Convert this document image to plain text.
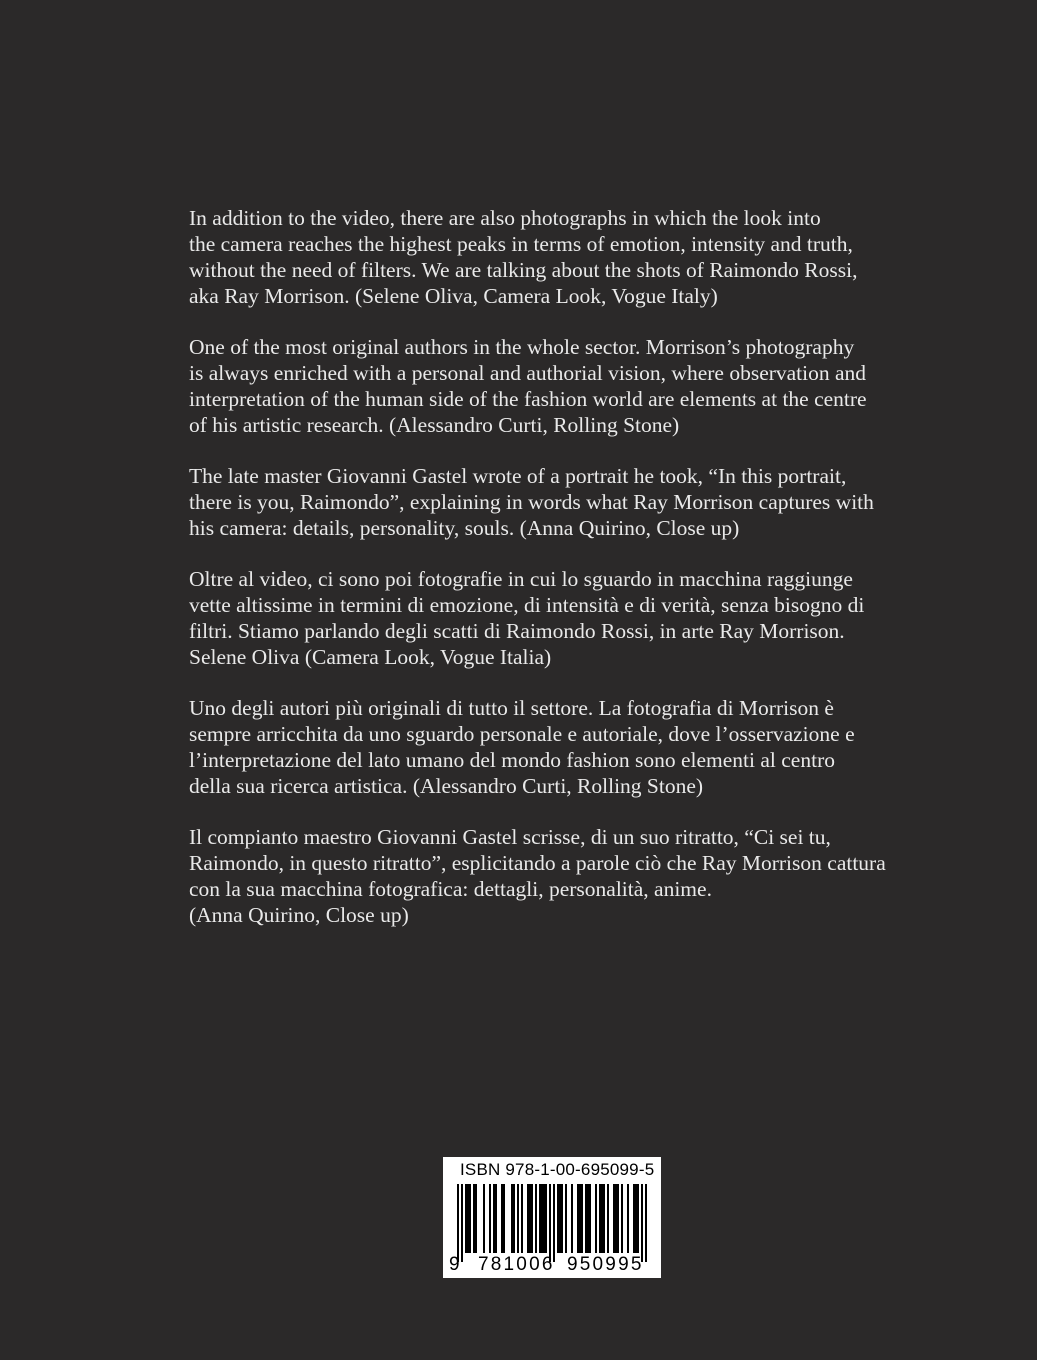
In addition to the video, there are also photographs in which the look into
the camera reaches the highest peaks in terms of emotion, intensity and truth,
without the need of filters. We are talking about the shots of Raimondo Rossi,
aka Ray Morrison. (Selene Oliva, Camera Look, Vogue Italy)

One of the most original authors in the whole sector. Morrison’s photography
is always enriched with a personal and authorial vision, where observation and
interpretation of the human side of the fashion world are elements at the centre
of his artistic research. (Alessandro Curti, Rolling Stone)

The late master Giovanni Gastel wrote of a portrait he took, “In this portrait,
there is you, Raimondo”, explaining in words what Ray Morrison captures with
his camera: details, personality, souls. (Anna Quirino, Close up)

Oltre al video, ci sono poi fotografie in cui lo sguardo in macchina raggiunge
vette altissime in termini di emozione, di intensità e di verità, senza bisogno di
filtri. Stiamo parlando degli scatti di Raimondo Rossi, in arte Ray Morrison.
Selene Oliva (Camera Look, Vogue Italia)

Uno degli autori più originali di tutto il settore. La fotografia di Morrison è
sempre arricchita da uno sguardo personale e autoriale, dove l’osservazione e
l’interpretazione del lato umano del mondo fashion sono elementi al centro
della sua ricerca artistica. (Alessandro Curti, Rolling Stone)

Il compianto maestro Giovanni Gastel scrisse, di un suo ritratto, “Ci sei tu,
Raimondo, in questo ritratto”, esplicitando a parole ciò che Ray Morrison cattura
con la sua macchina fotografica: dettagli, personalità, anime.
(Anna Quirino, Close up)

ISBN 978-1-00-695099-5
9 781006 950995
